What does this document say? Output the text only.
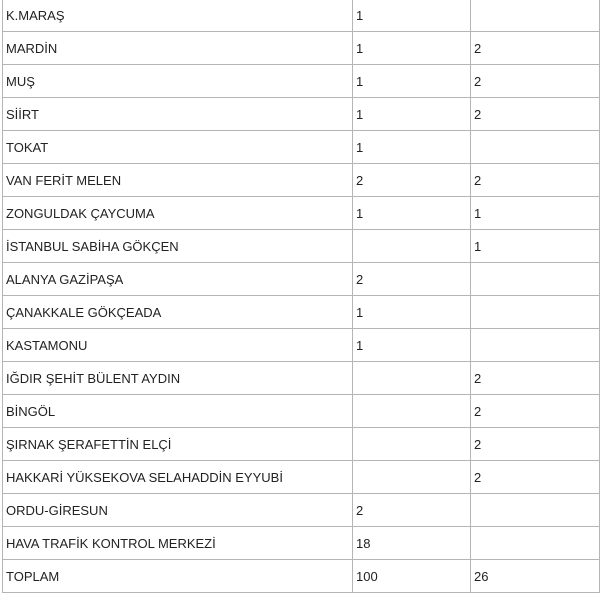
K.MARAŞ	1	
MARDİN	1	2
MUŞ	1	2
SİİRT	1	2
TOKAT	1	
VAN FERİT MELEN	2	2
ZONGULDAK ÇAYCUMA	1	1
İSTANBUL SABİHA GÖKÇEN		1
ALANYA GAZİPAŞA	2	
ÇANAKKALE GÖKÇEADA	1	
KASTAMONU	1	
IĞDIR ŞEHİT BÜLENT AYDIN		2
BİNGÖL		2
ŞIRNAK ŞERAFETTİN ELÇİ		2
HAKKARİ YÜKSEKOVA SELAHADDİN EYYUBİ		2
ORDU-GİRESUN	2	
HAVA TRAFİK KONTROL MERKEZİ	18	
TOPLAM	100	26
